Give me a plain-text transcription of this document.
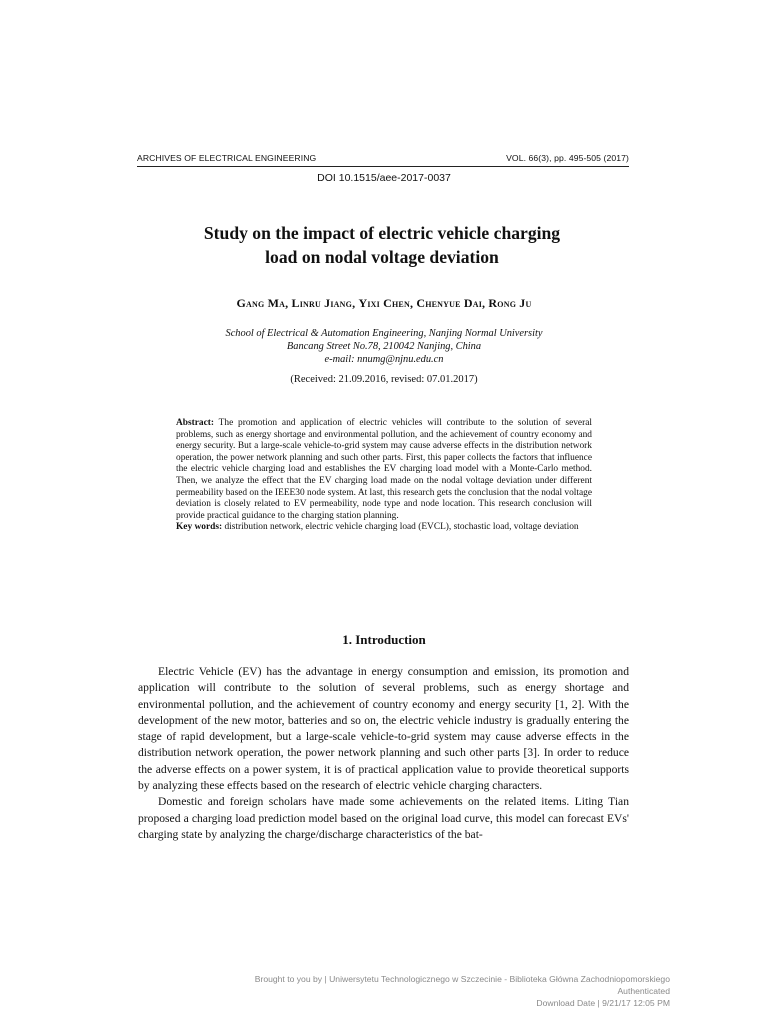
ARCHIVES OF ELECTRICAL ENGINEERING	VOL. 66(3), pp. 495-505 (2017)
DOI 10.1515/aee-2017-0037
Study on the impact of electric vehicle charging
load on nodal voltage deviation
Gang Ma, Linru Jiang, Yixi Chen, Chenyue Dai, Rong Ju
School of Electrical & Automation Engineering, Nanjing Normal University
Bancang Street No.78, 210042 Nanjing, China
e-mail: nnumg@njnu.edu.cn
(Received: 21.09.2016, revised: 07.01.2017)

Abstract: The promotion and application of electric vehicles will contribute to the solution of several problems, such as energy shortage and environmental pollution, and the achievement of country economy and energy security. But a large-scale vehicle-to-grid system may cause adverse effects in the distribution network operation, the power network planning and such other parts. First, this paper collects the factors that influence the electric vehicle charging load and establishes the EV charging load model with a Monte-Carlo method. Then, we analyze the effect that the EV charging load made on the nodal voltage deviation under different permeability based on the IEEE30 node system. At last, this research gets the conclusion that the nodal voltage deviation is closely related to EV permeability, node type and node location. This research conclusion will provide practical guidance to the charging station planning.

Key words: distribution network, electric vehicle charging load (EVCL), stochastic load, voltage deviation

1. Introduction

Electric Vehicle (EV) has the advantage in energy consumption and emission, its promotion and application will contribute to the solution of several problems, such as energy shortage and environmental pollution, and the achievement of country economy and energy security [1, 2]. With the development of the new motor, batteries and so on, the electric vehicle industry is gradually entering the stage of rapid development, but a large-scale vehicle-to-grid system may cause adverse effects in the distribution network operation, the power network planning and such other parts [3]. In order to reduce the adverse effects on a power system, it is of practical application value to provide theoretical supports by analyzing these effects based on the research of electric vehicle charging characters.

Domestic and foreign scholars have made some achievements on the related items. Liting Tian proposed a charging load prediction model based on the original load curve, this model can forecast EVs' charging state by analyzing the charge/discharge characteristics of the bat-

Brought to you by | Uniwersytetu Technologicznego w Szczecinie - Biblioteka Główna Zachodniopomorskiego
Authenticated
Download Date | 9/21/17 12:05 PM
